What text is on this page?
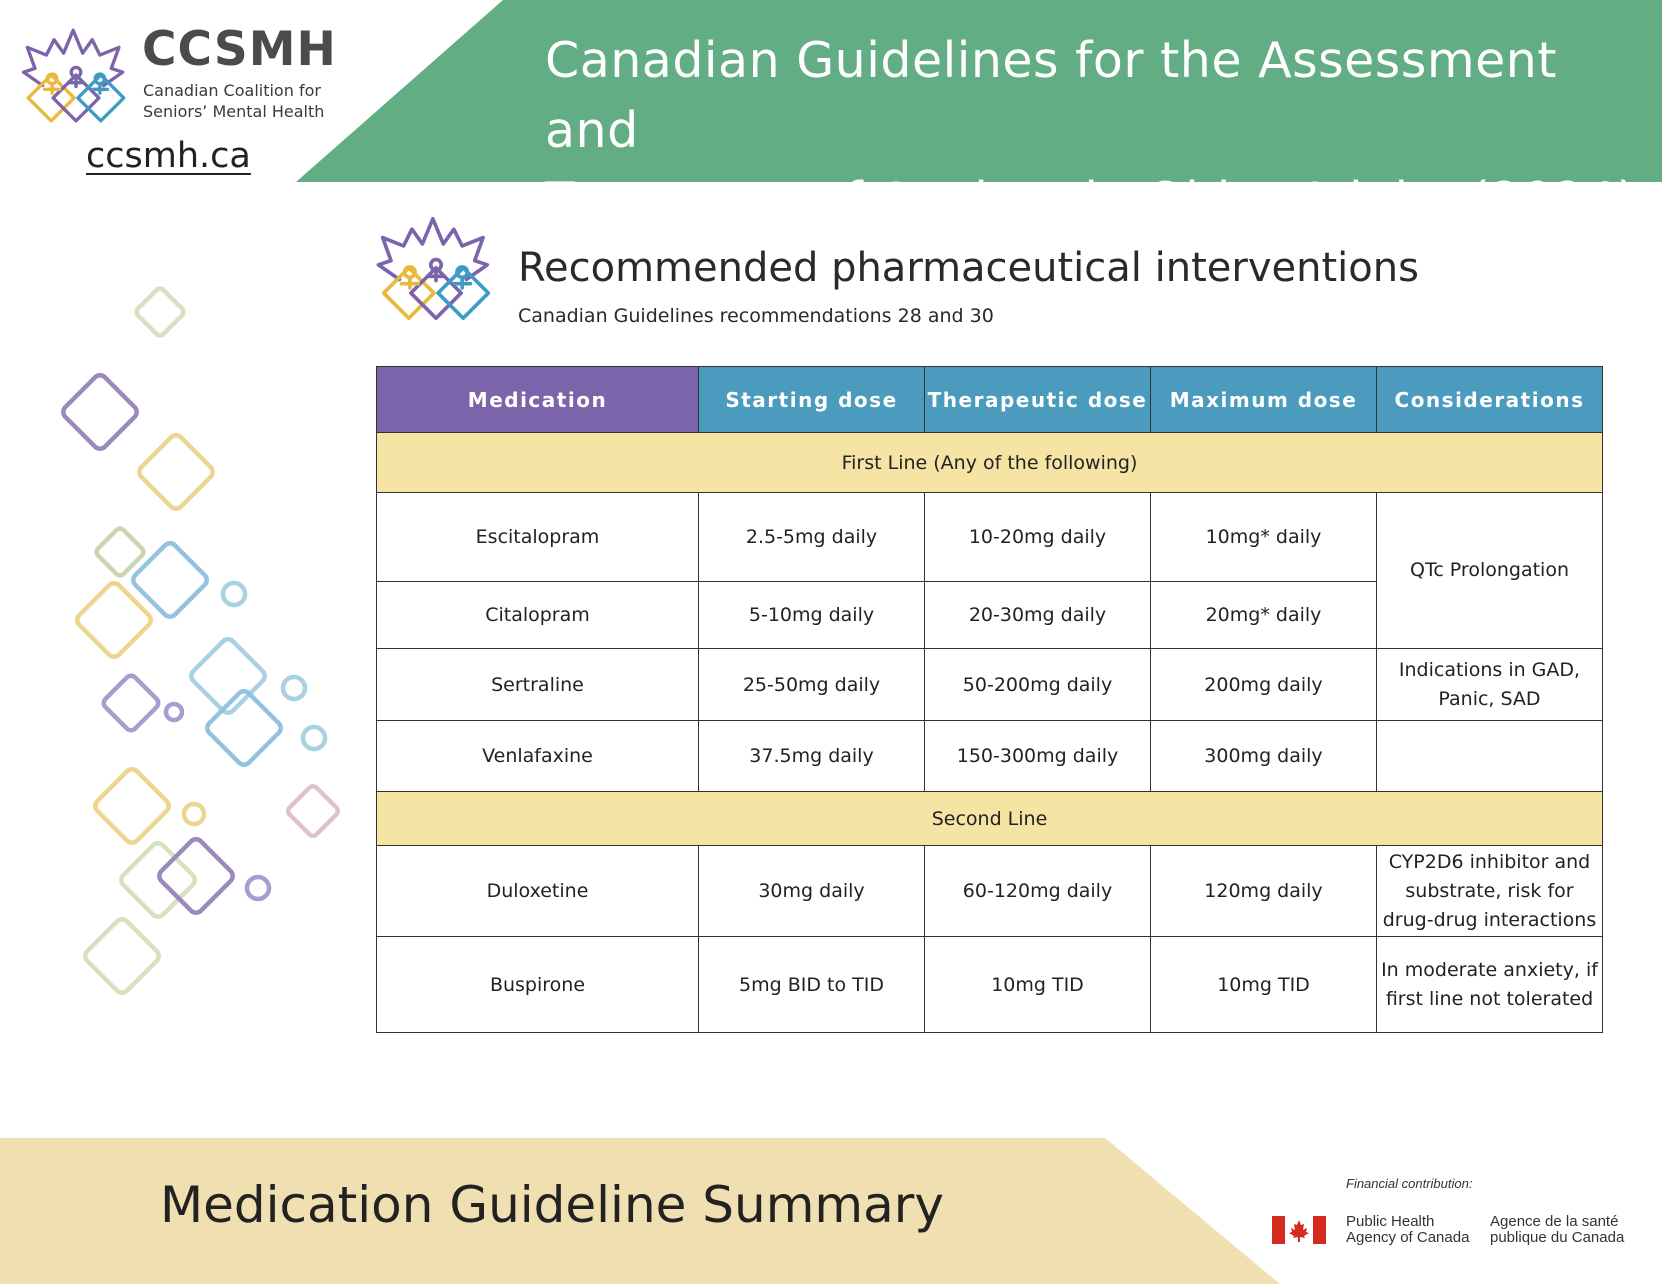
Canadian Guidelines for the Assessment and
Treatment of Anxiety in Older Adults (2024)
CCSMH
Canadian Coalition for
Seniors’ Mental Health
ccsmh.ca
Recommended pharmaceutical interventions
Canadian Guidelines recommendations 28 and 30
Medication	Starting dose	Therapeutic dose	Maximum dose	Considerations
First Line (Any of the following)				
Escitalopram	2.5-5mg daily	10-20mg daily	10mg* daily	QTc Prolongation
Citalopram	5-10mg daily	20-30mg daily	20mg* daily	
Sertraline	25-50mg daily	50-200mg daily	200mg daily	Indications in GAD, Panic, SAD
Venlafaxine	37.5mg daily	150-300mg daily	300mg daily	
Second Line				
Duloxetine	30mg daily	60-120mg daily	120mg daily	CYP2D6 inhibitor and substrate, risk for drug-drug interactions
Buspirone	5mg BID to TID	10mg TID	10mg TID	In moderate anxiety, if first line not tolerated
Medication Guideline Summary	Financial contribution:
Public Health
Agency of Canada
Agence de la santé
publique du Canada
